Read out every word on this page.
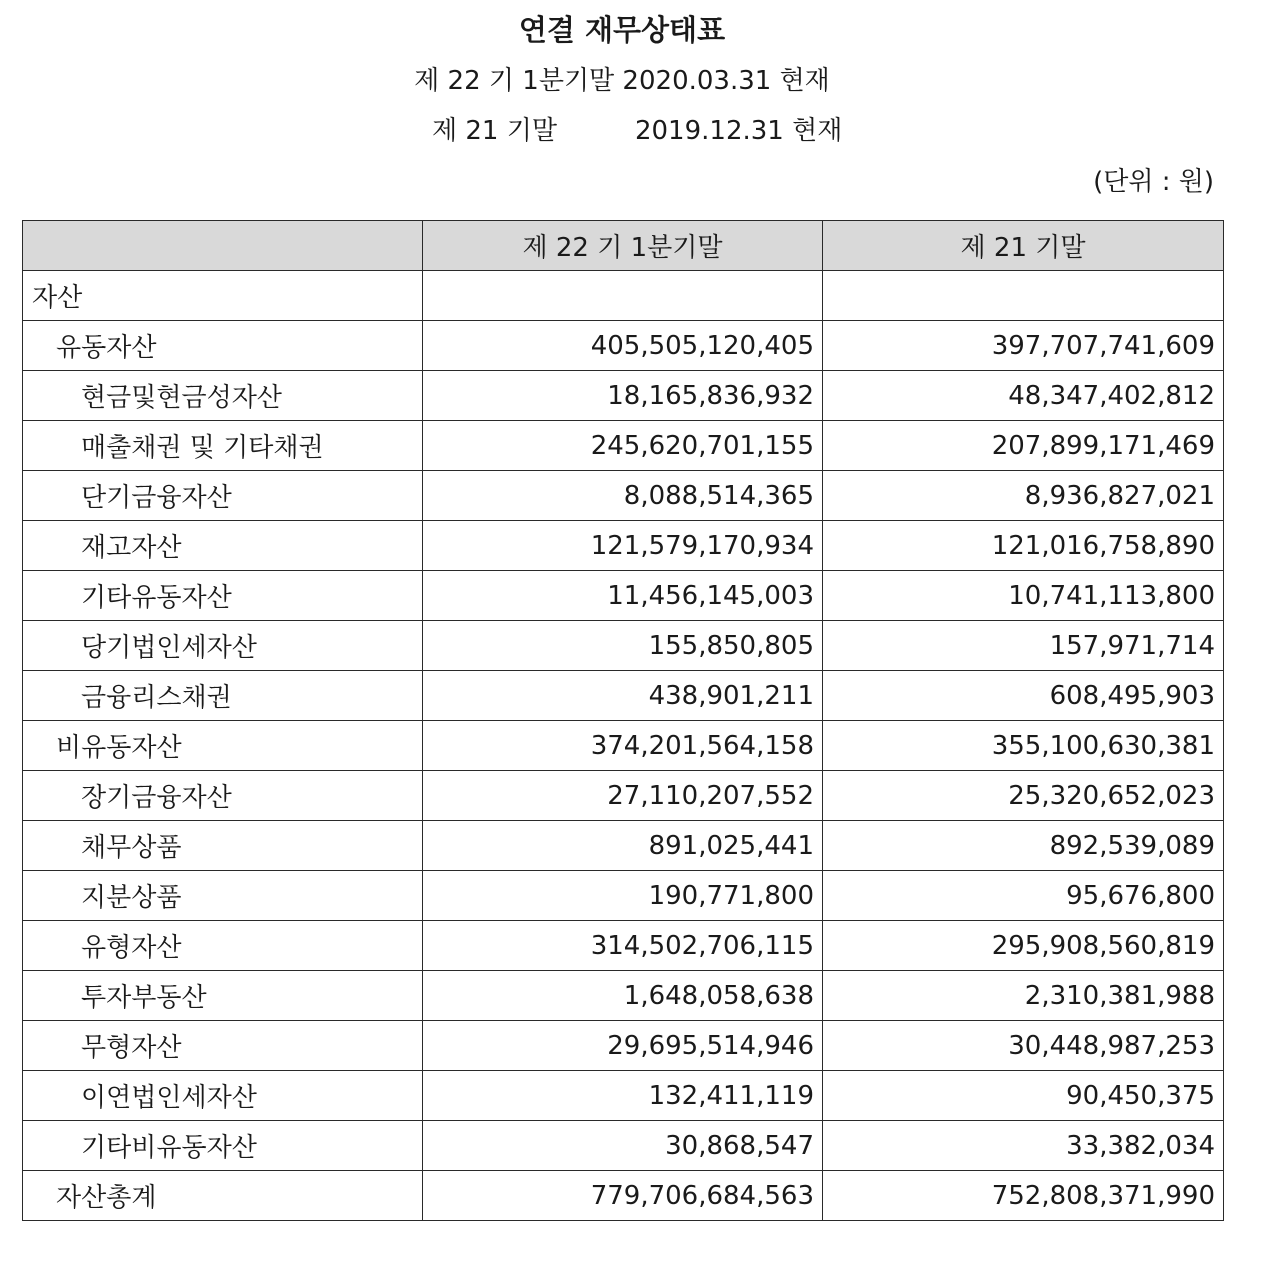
연결 재무상태표
제 22 기 1분기말 2020.03.31 현재
제 21 기말	2019.12.31 현재
(단위 : 원)
	제 22 기 1분기말	제 21 기말
자산		
유동자산	405,505,120,405	397,707,741,609
현금및현금성자산	18,165,836,932	48,347,402,812
매출채권 및 기타채권	245,620,701,155	207,899,171,469
단기금융자산	8,088,514,365	8,936,827,021
재고자산	121,579,170,934	121,016,758,890
기타유동자산	11,456,145,003	10,741,113,800
당기법인세자산	155,850,805	157,971,714
금융리스채권	438,901,211	608,495,903
비유동자산	374,201,564,158	355,100,630,381
장기금융자산	27,110,207,552	25,320,652,023
채무상품	891,025,441	892,539,089
지분상품	190,771,800	95,676,800
유형자산	314,502,706,115	295,908,560,819
투자부동산	1,648,058,638	2,310,381,988
무형자산	29,695,514,946	30,448,987,253
이연법인세자산	132,411,119	90,450,375
기타비유동자산	30,868,547	33,382,034
자산총계	779,706,684,563	752,808,371,990
